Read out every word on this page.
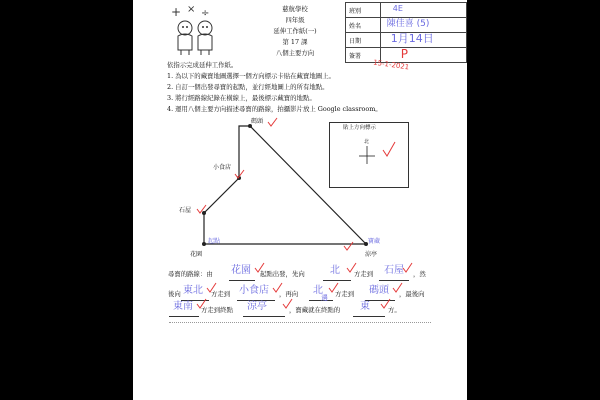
+ × ÷	慈航學校
四年級
延伸工作紙(一)
第 17 課
八個主要方向
班別	4E

姓名	陳佳喜 (5)

日期	1月14日

簽署	P
15-1-2021
依指示完成延伸工作紙。
1. 為以下的藏寶地圖選擇一個方向標示卡貼在藏寶地圖上。
2. 自訂一個出發尋寶的起點，並行經地圖上的所有地點。
3. 將行經路線紀錄在橫線上，最後標示藏寶的地點。
4. 運用八個主要方向描述尋寶的路線，拍攝影片放上 Google classroom。
碼頭
小食店
石屋
花園	涼亭
起點	寶藏
貼上方向標示
北
尋寶的路線：由 花園 起點出發，先向	北 方走到 石屋 ，然
後向 東北 方走到 小食店 ，再向 北 方走到 碼頭 ，最後向
東南 方走到終點 涼亭	，寶藏就在終點的
邊
東	方。
